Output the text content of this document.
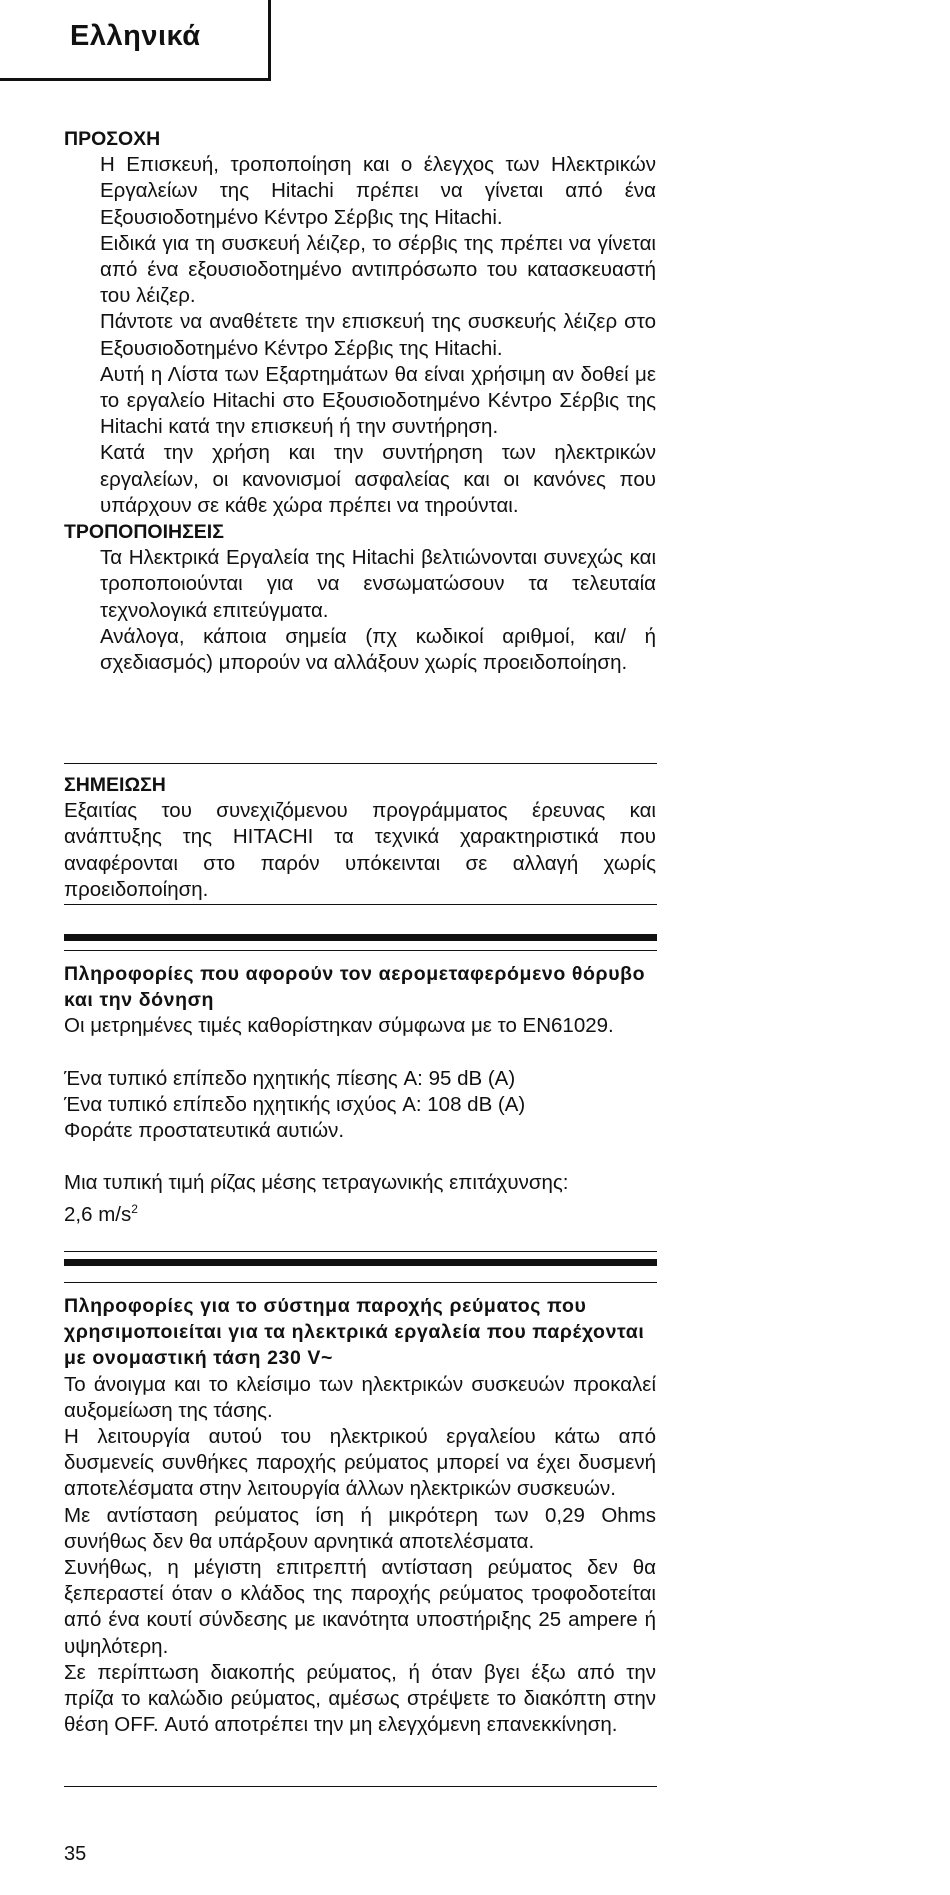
Ελληνικά
ΠΡΟΣΟΧΗ

Η Επισκευή, τροποποίηση και ο έλεγχος των Ηλεκτρικών Εργαλείων της Hitachi πρέπει να γίνεται από ένα Εξουσιοδοτημένο Κέντρο Σέρβις της Hitachi.

Ειδικά για τη συσκευή λέιζερ, το σέρβις της πρέπει να γίνεται από ένα εξουσιοδοτημένο αντιπρόσωπο του κατασκευαστή του λέιζερ.

Πάντοτε να αναθέτετε την επισκευή της συσκευής λέιζερ στο Εξουσιοδοτημένο Κέντρο Σέρβις της Hitachi.

Αυτή η Λίστα των Εξαρτημάτων θα είναι χρήσιμη αν δοθεί με το εργαλείο Hitachi στο Εξουσιοδοτημένο Κέντρο Σέρβις της Hitachi κατά την επισκευή ή την συντήρηση.

Κατά την χρήση και την συντήρηση των ηλεκτρικών εργαλείων, οι κανονισμοί ασφαλείας και οι κανόνες που υπάρχουν σε κάθε χώρα πρέπει να τηρούνται.

ΤΡΟΠΟΠΟΙΗΣΕΙΣ

Τα Ηλεκτρικά Εργαλεία της Hitachi βελτιώνονται συνεχώς και τροποποιούνται για να ενσωματώσουν τα τελευταία τεχνολογικά επιτεύγματα.

Ανάλογα, κάποια σημεία (πχ κωδικοί αριθμοί, και/ ή σχεδιασμός) μπορούν να αλλάξουν χωρίς προειδοποίηση.

ΣΗΜΕΙΩΣΗ

Εξαιτίας του συνεχιζόμενου προγράμματος έρευνας και ανάπτυξης της HITACHI τα τεχνικά χαρακτηριστικά που αναφέρονται στο παρόν υπόκεινται σε αλλαγή χωρίς προειδοποίηση.

Πληροφορίες που αφορούν τον αερομεταφερόμενο θόρυβο και την δόνηση

Οι μετρημένες τιμές καθορίστηκαν σύμφωνα με το EN61029.

Ένα τυπικό επίπεδο ηχητικής πίεσης A: 95 dB (A)

Ένα τυπικό επίπεδο ηχητικής ισχύος A: 108 dB (A)

Φοράτε προστατευτικά αυτιών.

Μια τυπική τιμή ρίζας μέσης τετραγωνικής επιτάχυνσης:

2,6 $m/s^2$

Πληροφορίες για το σύστημα παροχής ρεύματος που χρησιμοποιείται για τα ηλεκτρικά εργαλεία που παρέχονται με ονομαστική τάση 230 V~

Το άνοιγμα και το κλείσιμο των ηλεκτρικών συσκευών προκαλεί αυξομείωση της τάσης.

Η λειτουργία αυτού του ηλεκτρικού εργαλείου κάτω από δυσμενείς συνθήκες παροχής ρεύματος μπορεί να έχει δυσμενή αποτελέσματα στην λειτουργία άλλων ηλεκτρικών συσκευών.

Με αντίσταση ρεύματος ίση ή μικρότερη των 0,29 Ohms συνήθως δεν θα υπάρξουν αρνητικά αποτελέσματα.

Συνήθως, η μέγιστη επιτρεπτή αντίσταση ρεύματος δεν θα ξεπεραστεί όταν ο κλάδος της παροχής ρεύματος τροφοδοτείται από ένα κουτί σύνδεσης με ικανότητα υποστήριξης 25 ampere ή υψηλότερη.

Σε περίπτωση διακοπής ρεύματος, ή όταν βγει έξω από την πρίζα το καλώδιο ρεύματος, αμέσως στρέψετε το διακόπτη στην θέση OFF. Αυτό αποτρέπει την μη ελεγχόμενη επανεκκίνηση.

35
